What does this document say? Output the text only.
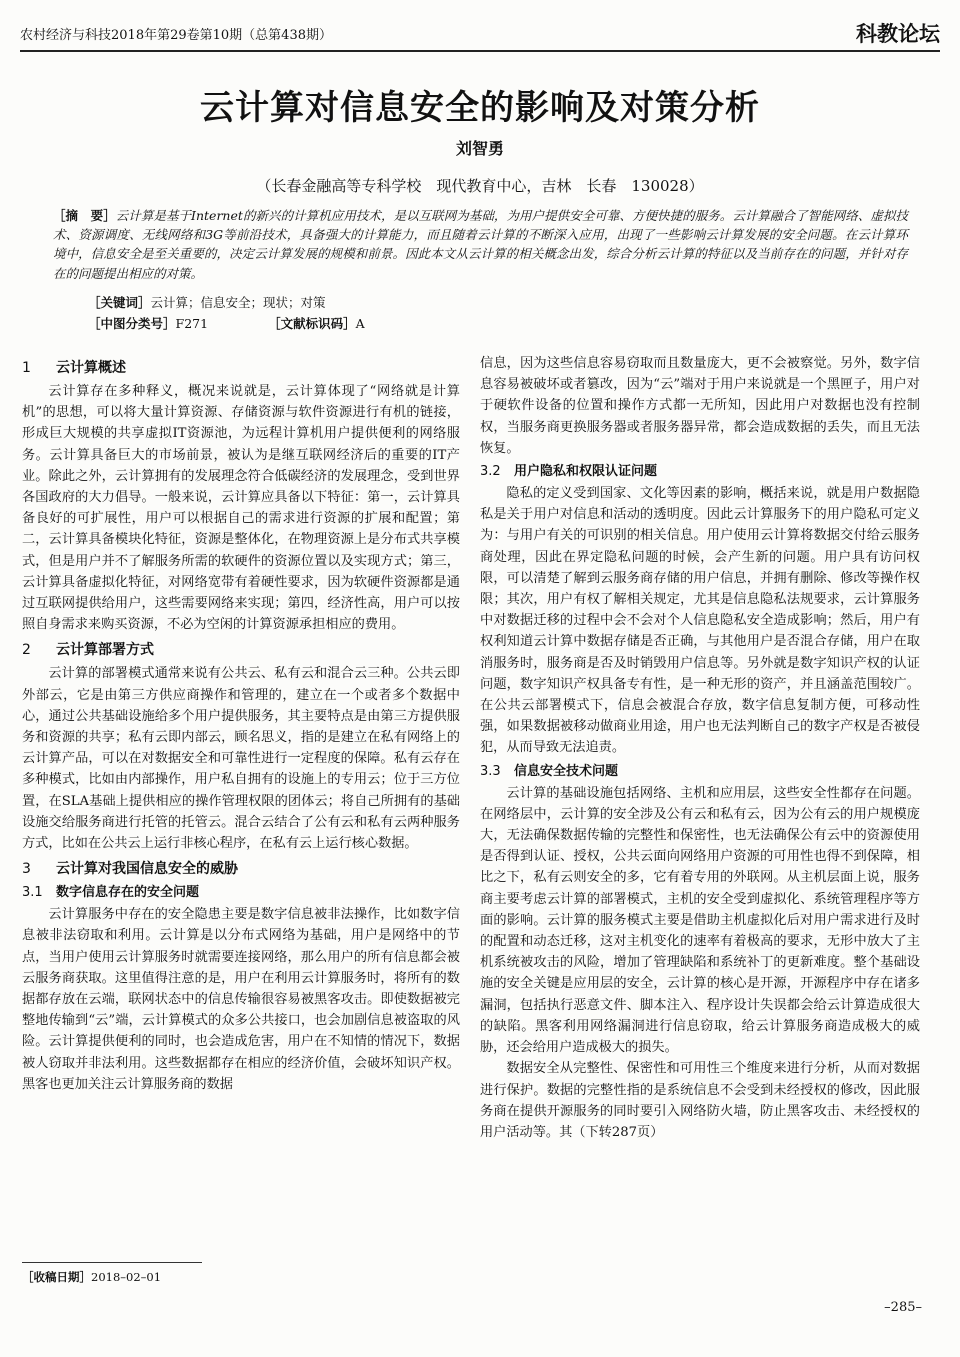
农村经济与科技2018年第29卷第10期（总第438期）	科教论坛
云计算对信息安全的影响及对策分析
刘智勇
（长春金融高等专科学校　现代教育中心，吉林　长春　130028）
［摘　要］云计算是基于Internet的新兴的计算机应用技术，是以互联网为基础，为用户提供安全可靠、方便快捷的服务。云计算融合了智能网络、虚拟技术、资源调度、无线网络和3G等前沿技术，具备强大的计算能力，而且随着云计算的不断深入应用，出现了一些影响云计算发展的安全问题。在云计算环境中，信息安全是至关重要的，决定云计算发展的规模和前景。因此本文从云计算的相关概念出发，综合分析云计算的特征以及当前存在的问题，并针对存在的问题提出相应的对策。
［关键词］云计算；信息安全；现状；对策
［中图分类号］F271	［文献标识码］A
1 云计算概述

云计算存在多种释义，概况来说就是，云计算体现了“网络就是计算机”的思想，可以将大量计算资源、存储资源与软件资源进行有机的链接，形成巨大规模的共享虚拟IT资源池，为远程计算机用户提供便利的网络服务。云计算具备巨大的市场前景，被认为是继互联网经济后的重要的IT产业。除此之外，云计算拥有的发展理念符合低碳经济的发展理念，受到世界各国政府的大力倡导。一般来说，云计算应具备以下特征：第一，云计算具备良好的可扩展性，用户可以根据自己的需求进行资源的扩展和配置；第二，云计算具备模块化特征，资源是整体化，在物理资源上是分布式共享模式，但是用户并不了解服务所需的软硬件的资源位置以及实现方式；第三，云计算具备虚拟化特征，对网络宽带有着硬性要求，因为软硬件资源都是通过互联网提供给用户，这些需要网络来实现；第四，经济性高，用户可以按照自身需求来购买资源，不必为空闲的计算资源承担相应的费用。

2 云计算部署方式

云计算的部署模式通常来说有公共云、私有云和混合云三种。公共云即外部云，它是由第三方供应商操作和管理的，建立在一个或者多个数据中心，通过公共基础设施给多个用户提供服务，其主要特点是由第三方提供服务和资源的共享；私有云即内部云，顾名思义，指的是建立在私有网络上的云计算产品，可以在对数据安全和可靠性进行一定程度的保障。私有云存在多种模式，比如由内部操作，用户私自拥有的设施上的专用云；位于三方位置，在SLA基础上提供相应的操作管理权限的团体云；将自己所拥有的基础设施交给服务商进行托管的托管云。混合云结合了公有云和私有云两种服务方式，比如在公共云上运行非核心程序，在私有云上运行核心数据。

3 云计算对我国信息安全的威胁
3.1 数字信息存在的安全问题

云计算服务中存在的安全隐患主要是数字信息被非法操作，比如数字信息被非法窃取和利用。云计算是以分布式网络为基础，用户是网络中的节点，当用户使用云计算服务时就需要连接网络，那么用户的所有信息都会被云服务商获取。这里值得注意的是，用户在利用云计算服务时，将所有的数据都存放在云端，联网状态中的信息传输很容易被黑客攻击。即使数据被完整地传输到“云”端，云计算模式的众多公共接口，也会加剧信息被盗取的风险。云计算提供便利的同时，也会造成危害，用户在不知情的情况下，数据被人窃取并非法利用。这些数据都存在相应的经济价值，会破坏知识产权。黑客也更加关注云计算服务商的数据

信息，因为这些信息容易窃取而且数量庞大，更不会被察觉。另外，数字信息容易被破坏或者篡改，因为“云”端对于用户来说就是一个黑匣子，用户对于硬软件设备的位置和操作方式都一无所知，因此用户对数据也没有控制权，当服务商更换服务器或者服务器异常，都会造成数据的丢失，而且无法恢复。

3.2 用户隐私和权限认证问题

隐私的定义受到国家、文化等因素的影响，概括来说，就是用户数据隐私是关于用户对信息和活动的透明度。因此云计算服务下的用户隐私可定义为：与用户有关的可识别的相关信息。用户使用云计算将数据交付给云服务商处理，因此在界定隐私问题的时候，会产生新的问题。用户具有访问权限，可以清楚了解到云服务商存储的用户信息，并拥有删除、修改等操作权限；其次，用户有权了解相关规定，尤其是信息隐私法规要求，云计算服务中对数据迁移的过程中会不会对个人信息隐私安全造成影响；然后，用户有权利知道云计算中数据存储是否正确，与其他用户是否混合存储，用户在取消服务时，服务商是否及时销毁用户信息等。另外就是数字知识产权的认证问题，数字知识产权具备专有性，是一种无形的资产，并且涵盖范围较广。在公共云部署模式下，信息会被混合存放，数字信息复制方便，可移动性强，如果数据被移动做商业用途，用户也无法判断自己的数字产权是否被侵犯，从而导致无法追责。

3.3 信息安全技术问题

云计算的基础设施包括网络、主机和应用层，这些安全性都存在问题。在网络层中，云计算的安全涉及公有云和私有云，因为公有云的用户规模庞大，无法确保数据传输的完整性和保密性，也无法确保公有云中的资源使用是否得到认证、授权，公共云面向网络用户资源的可用性也得不到保障，相比之下，私有云则安全的多，它有着专用的外联网。从主机层面上说，服务商主要考虑云计算的部署模式，主机的安全受到虚拟化、系统管理程序等方面的影响。云计算的服务模式主要是借助主机虚拟化后对用户需求进行及时的配置和动态迁移，这对主机变化的速率有着极高的要求，无形中放大了主机系统被攻击的风险，增加了管理缺陷和系统补丁的更新难度。整个基础设施的安全关键是应用层的安全，云计算的核心是开源，开源程序中存在诸多漏洞，包括执行恶意文件、脚本注入、程序设计失误都会给云计算造成很大的缺陷。黑客利用网络漏洞进行信息窃取，给云计算服务商造成极大的威胁，还会给用户造成极大的损失。

数据安全从完整性、保密性和可用性三个维度来进行分析，从而对数据进行保护。数据的完整性指的是系统信息不会受到未经授权的修改，因此服务商在提供开源服务的同时要引入网络防火墙，防止黑客攻击、未经授权的用户活动等。其（下转287页）

［收稿日期］2018–02–01
–285–
